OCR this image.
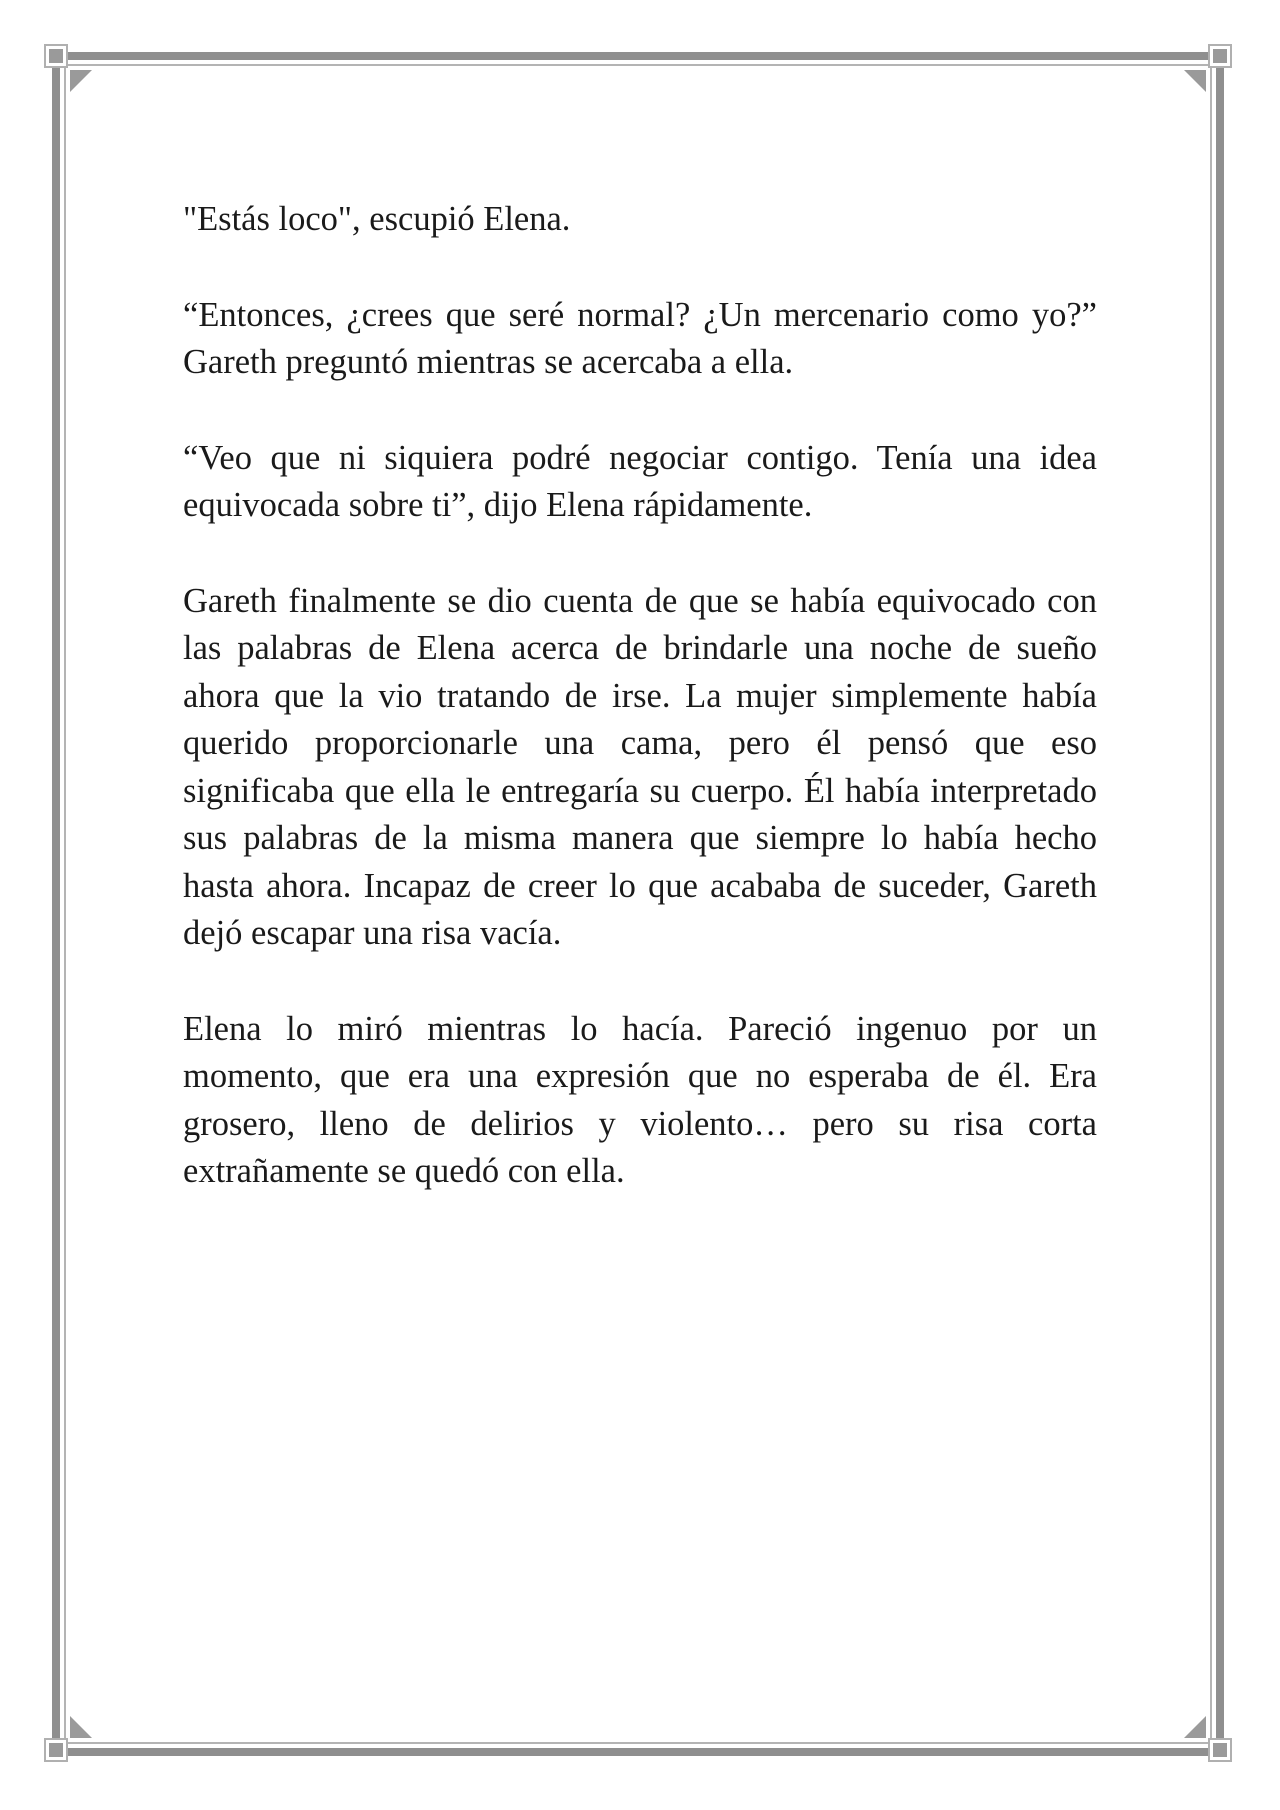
"Estás loco", escupió Elena.

“Entonces, ¿crees que seré normal? ¿Un mercenario como yo?” Gareth preguntó mientras se acercaba a ella.

“Veo que ni siquiera podré negociar contigo. Tenía una idea equivocada sobre ti”, dijo Elena rápidamente.

Gareth finalmente se dio cuenta de que se había equivocado con las palabras de Elena acerca de brindarle una noche de sueño ahora que la vio tratando de irse. La mujer simplemente había querido proporcionarle una cama, pero él pensó que eso significaba que ella le entregaría su cuerpo. Él había interpretado sus palabras de la misma manera que siempre lo había hecho hasta ahora. Incapaz de creer lo que acababa de suceder, Gareth dejó escapar una risa vacía.

Elena lo miró mientras lo hacía. Pareció ingenuo por un momento, que era una expresión que no esperaba de él. Era grosero, lleno de delirios y violento… pero su risa corta extrañamente se quedó con ella.
